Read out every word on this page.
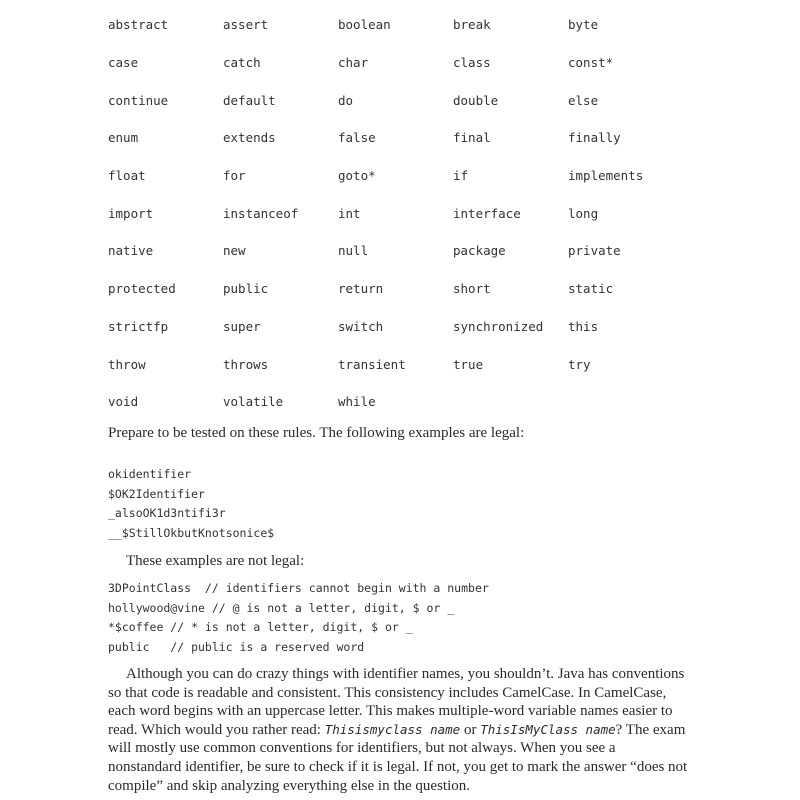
abstract	assert	boolean	break	byte
case	catch	char	class	const*
continue	default	do	double	else
enum	extends	false	final	finally
float	for	goto*	if	implements
import	instanceof	int	interface	long
native	new	null	package	private
protected	public	return	short	static
strictfp	super	switch	synchronized	this
throw	throws	transient	true	try
void	volatile	while

Prepare to be tested on these rules. The following examples are legal:

okidentifier
$OK2Identifier
_alsoOK1d3ntifi3r
__$StillOkbutKnotsonice$

These examples are not legal:

3DPointClass  // identifiers cannot begin with a number
hollywood@vine // @ is not a letter, digit, $ or _
*$coffee // * is not a letter, digit, $ or _
public   // public is a reserved word

Although you can do crazy things with identifier names, you shouldn’t. Java has conventions so that code is readable and consistent. This consistency includes CamelCase. In CamelCase, each word begins with an uppercase letter. This makes multiple-word variable names easier to read. Which would you rather read: Thisismyclass name or ThisIsMyClass name? The exam will mostly use common conventions for identifiers, but not always. When you see a nonstandard identifier, be sure to check if it is legal. If not, you get to mark the answer “does not compile” and skip analyzing everything else in the question.
